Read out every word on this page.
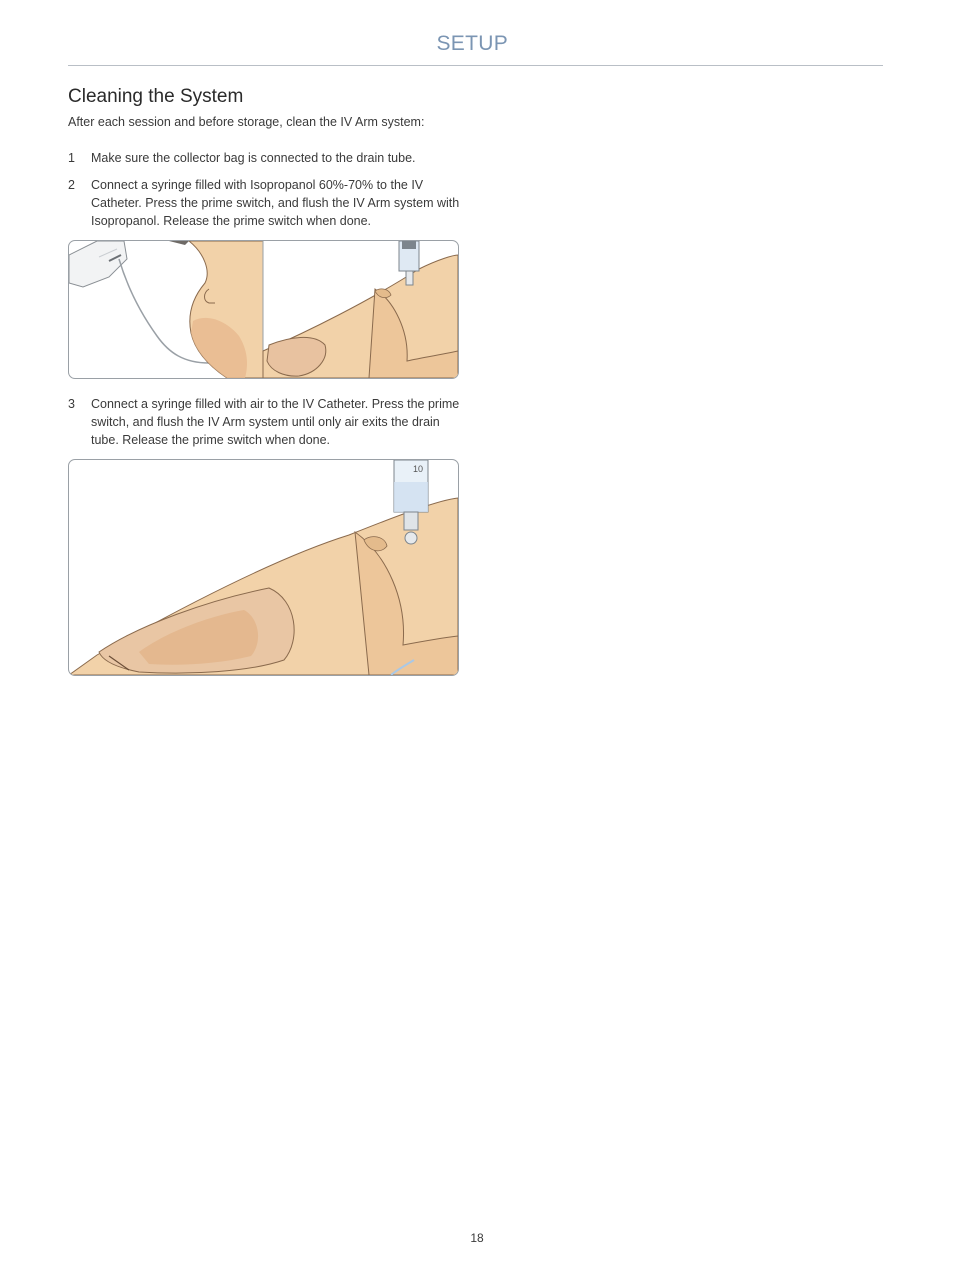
SETUP
Cleaning the System

After each session and before storage, clean the IV Arm system:

1 Make sure the collector bag is connected to the drain tube.
2 Connect a syringe filled with Isopropanol 60%-70% to the IV Catheter. Press the prime switch, and flush the IV Arm system with Isopropanol. Release the prime switch when done.
3 Connect a syringe filled with air to the IV Catheter. Press the prime switch, and flush the IV Arm system until only air exits the drain tube. Release the prime switch when done.
10
18
